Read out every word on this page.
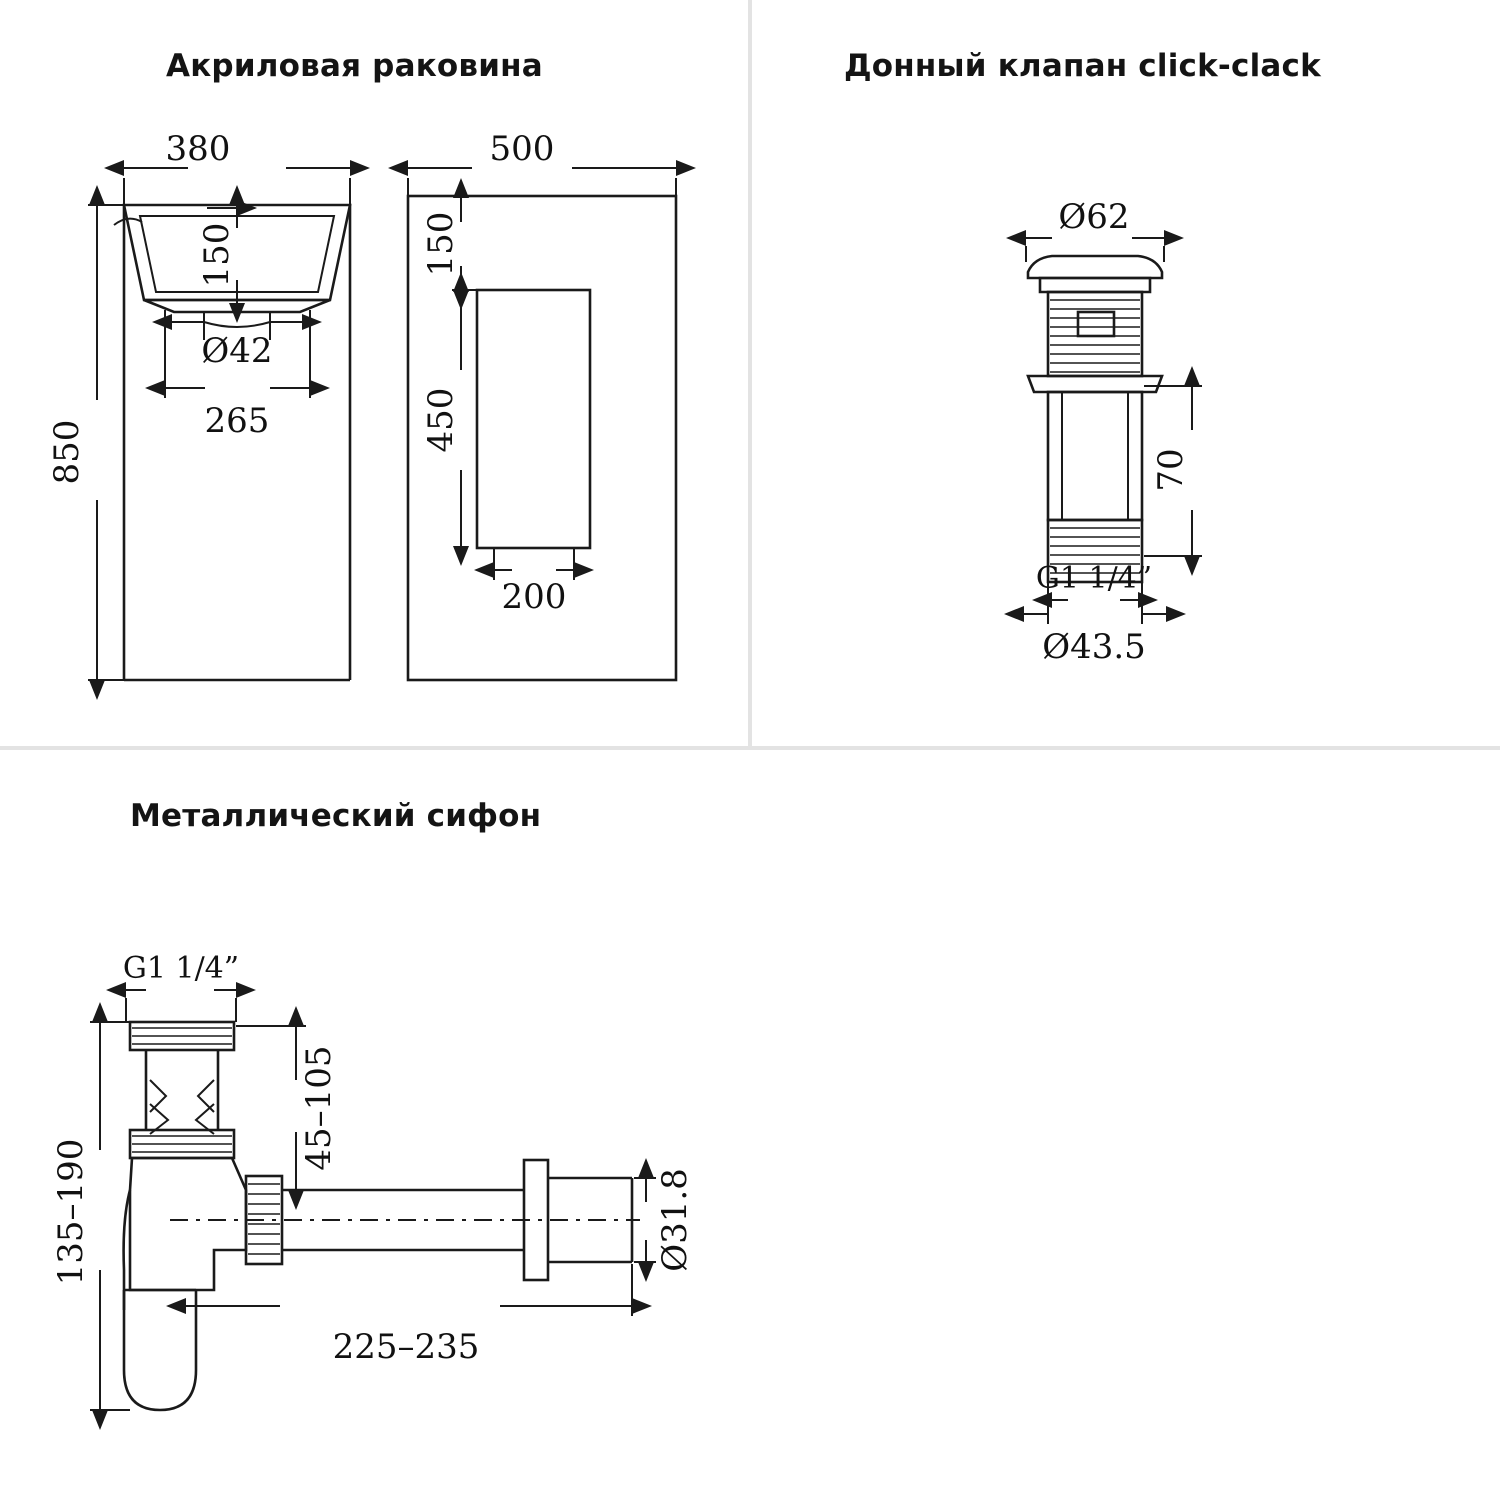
Акриловая раковина
380
150
Ø42
265
850
500
150
450
200
Донный клапан click-clack
Ø62
70
G1 1/4”
Ø43.5
Металлический сифон
G1 1/4”
135–190
45–105
Ø31.8
225–235
